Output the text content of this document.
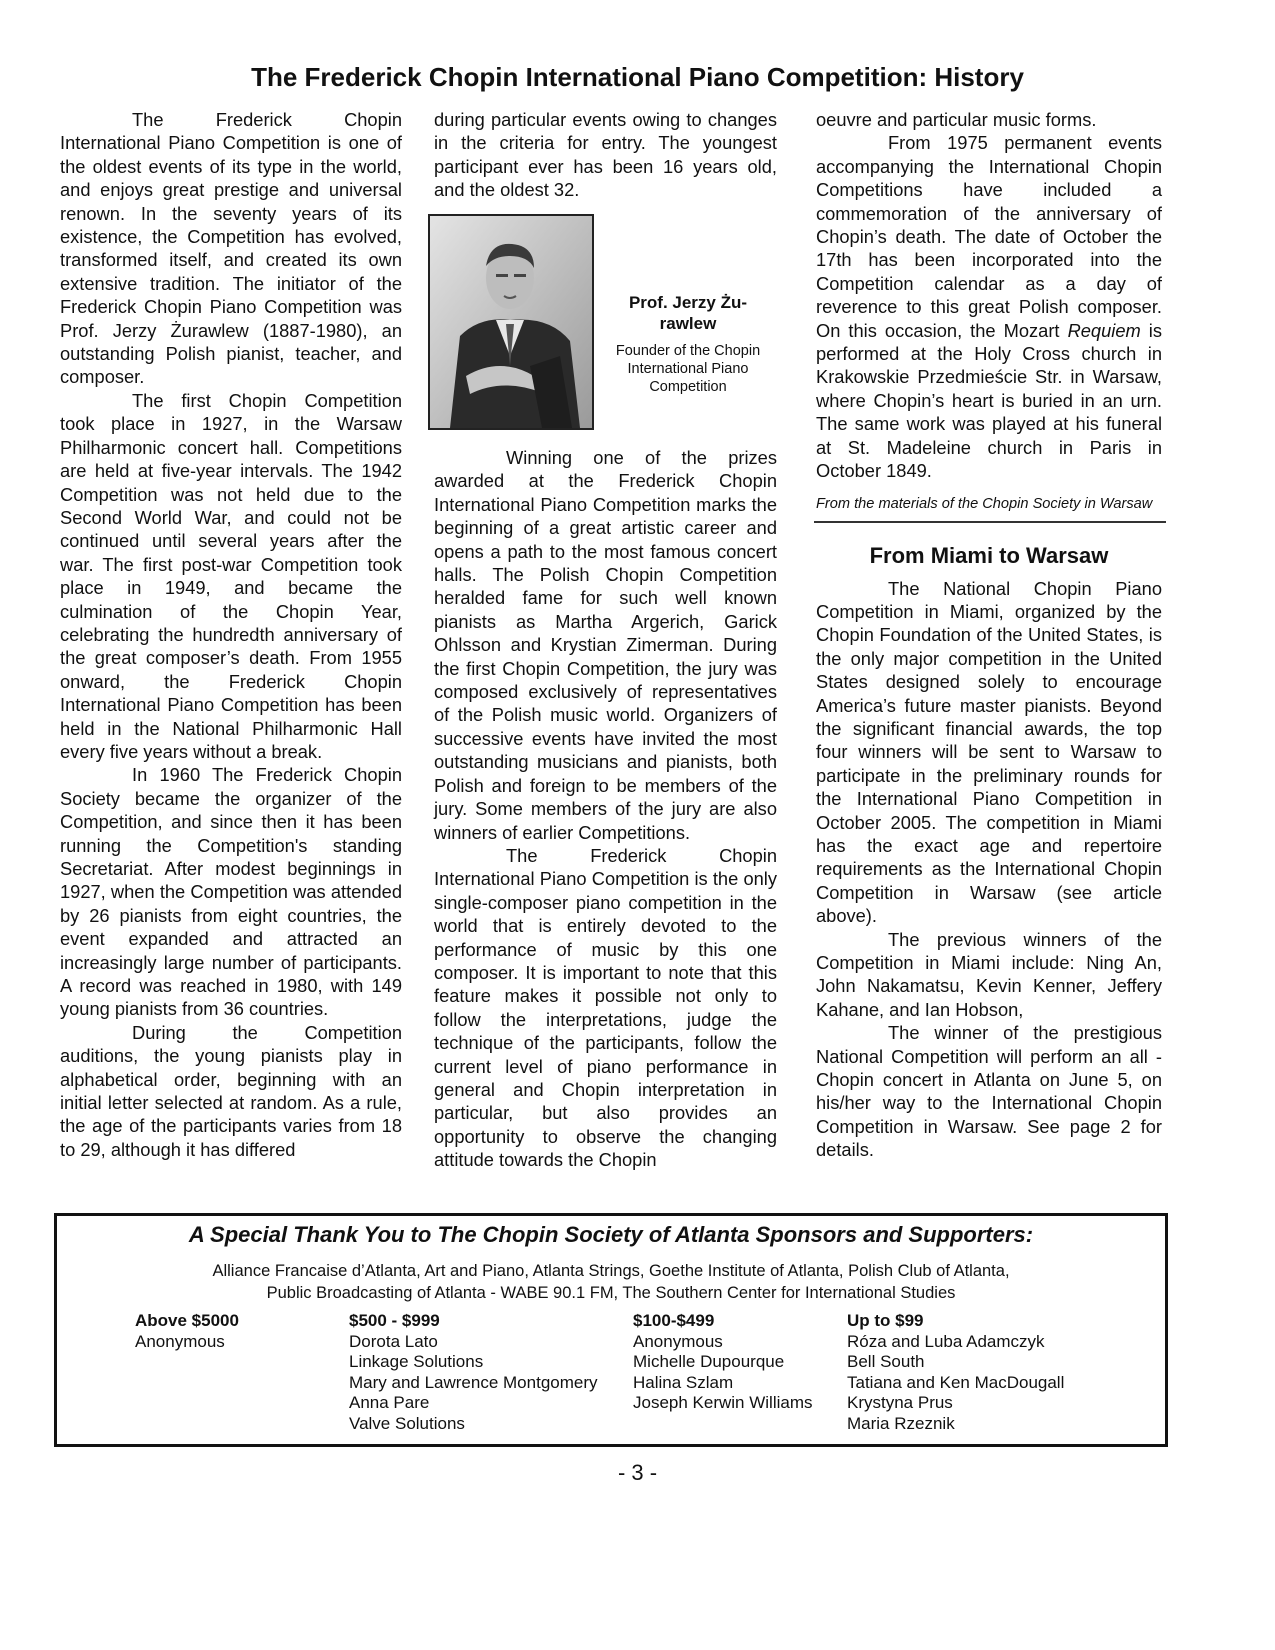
The Frederick Chopin International Piano Competition: History

The Frederick Chopin International Piano Competition is one of the oldest events of its type in the world, and enjoys great prestige and universal renown. In the seventy years of its existence, the Competition has evolved, transformed itself, and created its own extensive tradition. The initiator of the Frederick Chopin Piano Competition was Prof. Jerzy Żurawlew (1887-1980), an outstanding Polish pianist, teacher, and composer.

The first Chopin Competition took place in 1927, in the Warsaw Philharmonic concert hall. Competitions are held at five-year intervals. The 1942 Competition was not held due to the Second World War, and could not be continued until several years after the war. The first post-war Competition took place in 1949, and became the culmination of the Chopin Year, celebrating the hundredth anniversary of the great composer’s death. From 1955 onward, the Frederick Chopin International Piano Competition has been held in the National Philharmonic Hall every five years without a break.

In 1960 The Frederick Chopin Society became the organizer of the Competition, and since then it has been running the Competition's standing Secretariat. After modest beginnings in 1927, when the Competition was attended by 26 pianists from eight countries, the event expanded and attracted an increasingly large number of participants. A record was reached in 1980, with 149 young pianists from 36 countries.

During the Competition auditions, the young pianists play in alphabetical order, beginning with an initial letter selected at random. As a rule, the age of the participants varies from 18 to 29, although it has differed

during particular events owing to changes in the criteria for entry. The youngest participant ever has been 16 years old, and the oldest 32.

Winning one of the prizes awarded at the Frederick Chopin International Piano Competition marks the beginning of a great artistic career and opens a path to the most famous concert halls. The Polish Chopin Competition heralded fame for such well known pianists as Martha Argerich, Garick Ohlsson and Krystian Zimerman. During the first Chopin Competition, the jury was composed exclusively of representatives of the Polish music world. Organizers of successive events have invited the most outstanding musicians and pianists, both Polish and foreign to be members of the jury. Some members of the jury are also winners of earlier Competitions.

The Frederick Chopin International Piano Competition is the only single-composer piano competition in the world that is entirely devoted to the performance of music by this one composer. It is important to note that this feature makes it possible not only to follow the interpretations, judge the technique of the participants, follow the current level of piano performance in general and Chopin interpretation in particular, but also provides an opportunity to observe the changing attitude towards the Chopin

Prof. Jerzy Żu-rawlew

Founder of the Chopin International Piano Competition

oeuvre and particular music forms.

From 1975 permanent events accompanying the International Chopin Competitions have included a commemoration of the anniversary of Chopin’s death. The date of October the 17th has been incorporated into the Competition calendar as a day of reverence to this great Polish composer. On this occasion, the Mozart Requiem is performed at the Holy Cross church in Krakowskie Przedmieście Str. in Warsaw, where Chopin’s heart is buried in an urn. The same work was played at his funeral at St. Madeleine church in Paris in October 1849.

From the materials of the Chopin Society in Warsaw

From Miami to Warsaw

The National Chopin Piano Competition in Miami, organized by the Chopin Foundation of the United States, is the only major competition in the United States designed solely to encourage America’s future master pianists. Beyond the significant financial awards, the top four winners will be sent to Warsaw to participate in the preliminary rounds for the International Piano Competition in October 2005. The competition in Miami has the exact age and repertoire requirements as the International Chopin Competition in Warsaw (see article above).

The previous winners of the Competition in Miami include: Ning An, John Nakamatsu, Kevin Kenner, Jeffery Kahane, and Ian Hobson,

The winner of the prestigious National Competition will perform an all -Chopin concert in Atlanta on June 5, on his/her way to the International Chopin Competition in Warsaw. See page 2 for details.

A Special Thank You to The Chopin Society of Atlanta Sponsors and Supporters:

Alliance Francaise d’Atlanta, Art and Piano, Atlanta Strings, Goethe Institute of Atlanta, Polish Club of Atlanta,
Public Broadcasting of Atlanta - WABE 90.1 FM, The Southern Center for International Studies

Above $5000
Anonymous
$500 - $999
Dorota Lato
Linkage Solutions
Mary and Lawrence Montgomery
Anna Pare
Valve Solutions
$100-$499
Anonymous
Michelle Dupourque
Halina Szlam
Joseph Kerwin Williams
Up to $99
Róza and Luba Adamczyk
Bell South
Tatiana and Ken MacDougall
Krystyna Prus
Maria Rzeznik

- 3 -
